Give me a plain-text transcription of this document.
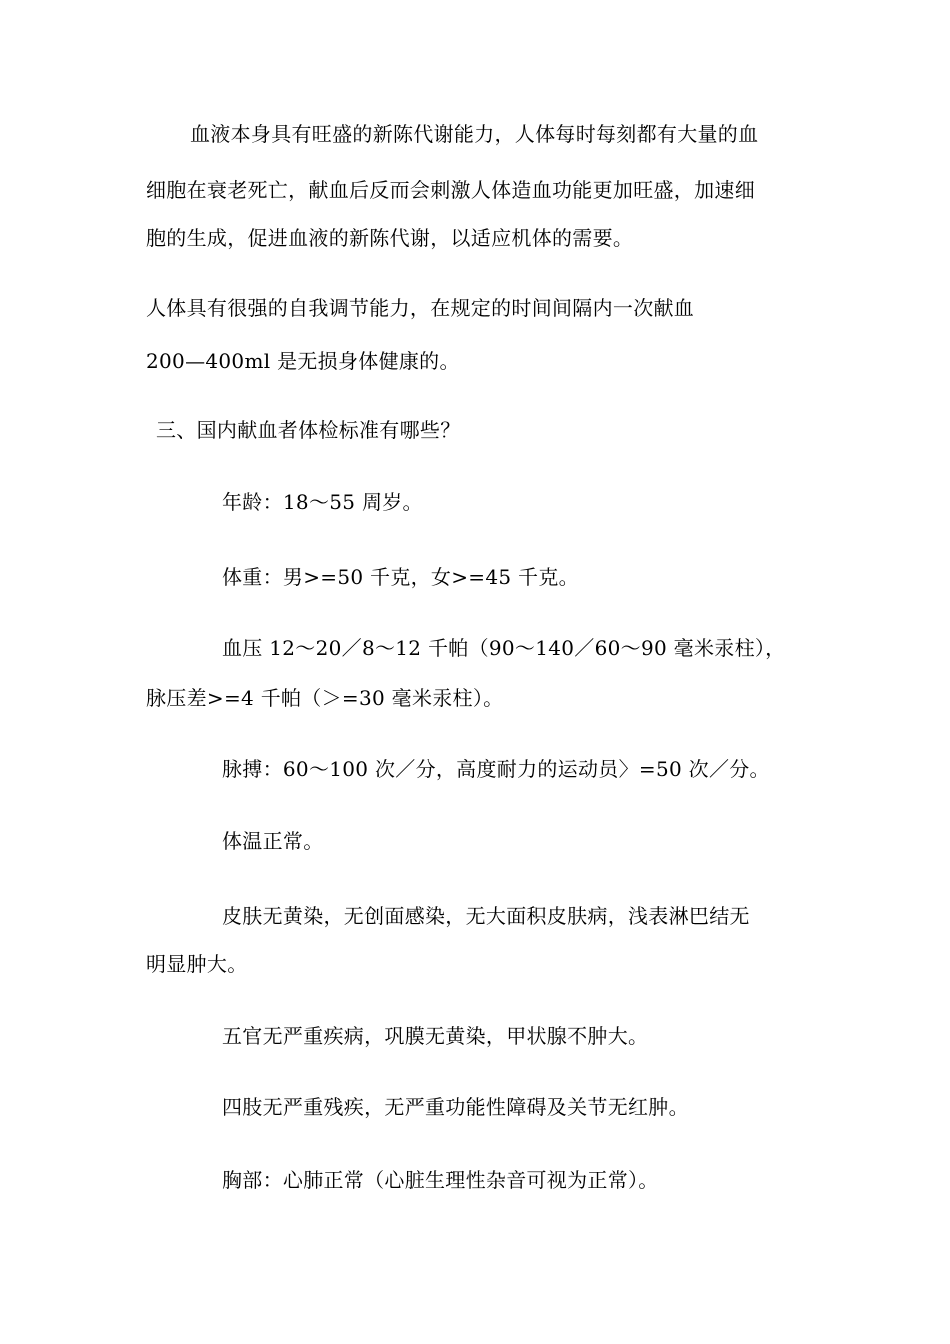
血液本身具有旺盛的新陈代谢能力，人体每时每刻都有大量的血
细胞在衰老死亡，献血后反而会刺激人体造血功能更加旺盛，加速细
胞的生成，促进血液的新陈代谢，以适应机体的需要。
人体具有很强的自我调节能力，在规定的时间间隔内一次献血
200—400ml 是无损身体健康的。
三、国内献血者体检标准有哪些？
年龄：18～55 周岁。
体重：男>=50 千克，女>=45 千克。
血压 12～20／8～12 千帕（90～140／60～90 毫米汞柱），
脉压差>=4 千帕（＞=30 毫米汞柱）。
脉搏：60～100 次／分，高度耐力的运动员〉=50 次／分。
体温正常。
皮肤无黄染，无创面感染，无大面积皮肤病，浅表淋巴结无
明显肿大。
五官无严重疾病，巩膜无黄染，甲状腺不肿大。
四肢无严重残疾，无严重功能性障碍及关节无红肿。
胸部：心肺正常（心脏生理性杂音可视为正常）。
